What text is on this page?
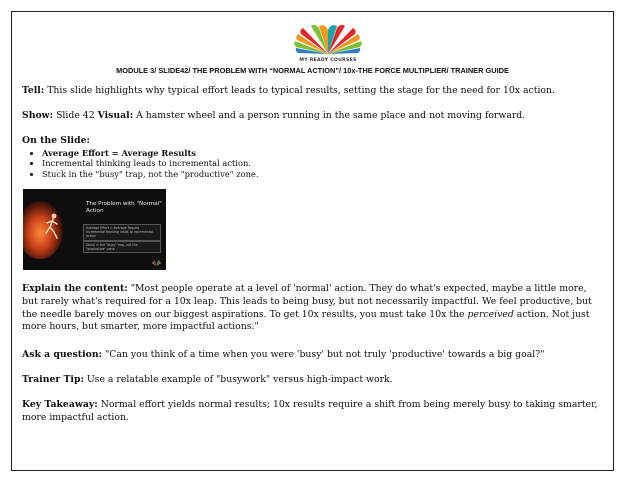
MY READY COURSES
MODULE 3/ SLIDE42/ THE PROBLEM WITH “NORMAL ACTION”/ 10x-THE FORCE MULTIPLIER/ TRAINER GUIDE
Tell: This slide highlights why typical effort leads to typical results, setting the stage for the need for 10x action.
Show: Slide 42 Visual: A hamster wheel and a person running in the same place and not moving forward.
On the Slide:
Average Effort = Average Results
Incremental thinking leads to incremental action.
Stuck in the "busy" trap, not the "productive" zone.
The Problem with "Normal" Action
Average Effort = Average Results
Incremental thinking leads to incremental action
Stuck in the "busy" trap, not the "productive" zone
Explain the content: "Most people operate at a level of 'normal' action. They do what's expected, maybe a little more, but rarely what's required for a 10x leap. This leads to being busy, but not necessarily impactful. We feel productive, but the needle barely moves on our biggest aspirations. To get 10x results, you must take 10x the perceived action. Not just more hours, but smarter, more impactful actions."
Ask a question: "Can you think of a time when you were 'busy' but not truly 'productive' towards a big goal?"
Trainer Tip: Use a relatable example of "busywork" versus high-impact work.
Key Takeaway: Normal effort yields normal results; 10x results require a shift from being merely busy to taking smarter, more impactful action.
